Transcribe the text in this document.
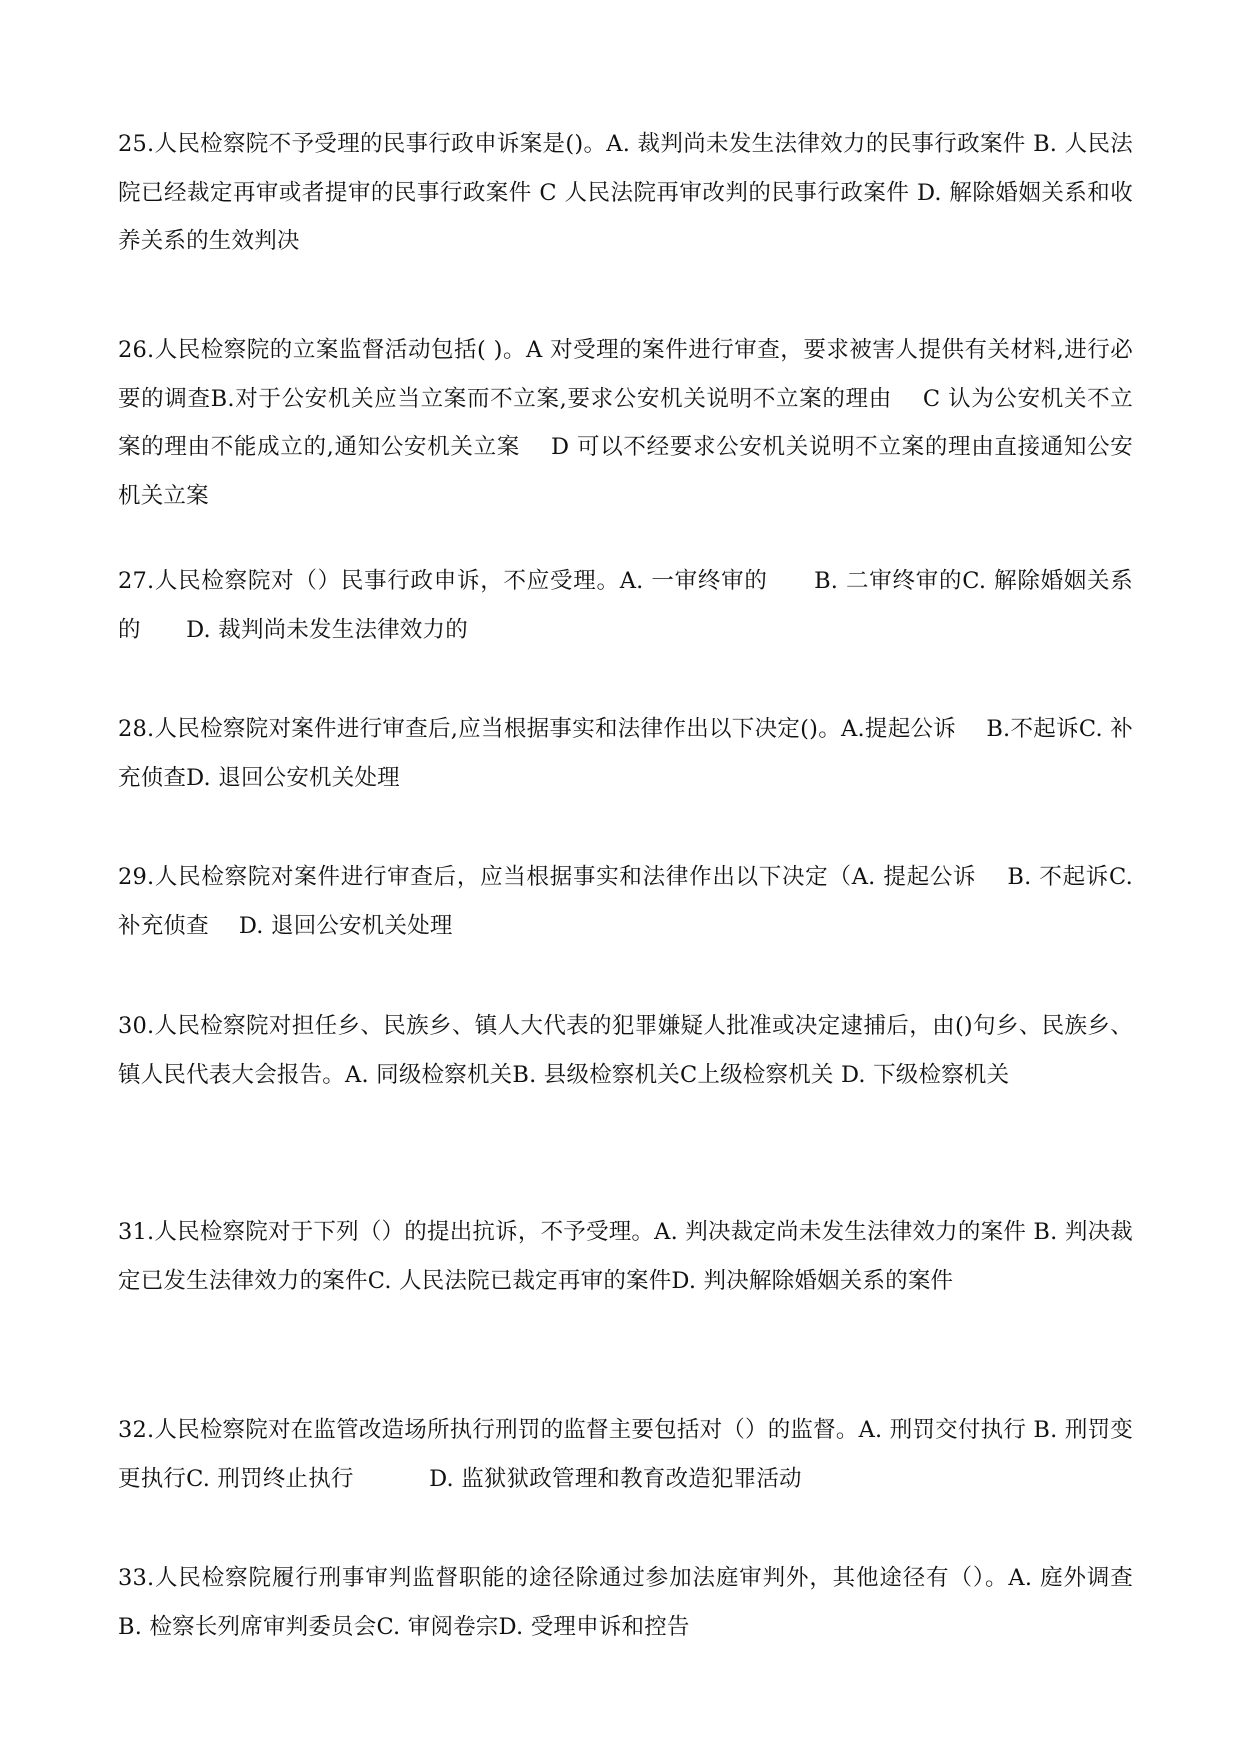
25.人民检察院不予受理的民事行政申诉案是()。A. 裁判尚未发生法律效力的民事行政案件 B. 人民法院已经裁定再审或者提审的民事行政案件 C 人民法院再审改判的民事行政案件 D. 解除婚姻关系和收养关系的生效判决

26.人民检察院的立案监督活动包括( )。A 对受理的案件进行审查，要求被害人提供有关材料,进行必要的调查B.对于公安机关应当立案而不立案,要求公安机关说明不立案的理由　 C 认为公安机关不立案的理由不能成立的,通知公安机关立案　 D 可以不经要求公安机关说明不立案的理由直接通知公安机关立案

27.人民检察院对（）民事行政申诉，不应受理。A. 一审终审的　　B. 二审终审的C. 解除婚姻关系的　　D. 裁判尚未发生法律效力的

28.人民检察院对案件进行审查后,应当根据事实和法律作出以下决定()。A.提起公诉　 B.不起诉C. 补充侦查D. 退回公安机关处理

29.人民检察院对案件进行审查后，应当根据事实和法律作出以下决定（A. 提起公诉　 B. 不起诉C. 补充侦查　 D. 退回公安机关处理

30.人民检察院对担任乡、民族乡、镇人大代表的犯罪嫌疑人批准或决定逮捕后，由()句乡、民族乡、镇人民代表大会报告。A. 同级检察机关B. 县级检察机关C上级检察机关 D. 下级检察机关

31.人民检察院对于下列（）的提出抗诉，不予受理。A. 判决裁定尚未发生法律效力的案件 B. 判决裁定已发生法律效力的案件C. 人民法院已裁定再审的案件D. 判决解除婚姻关系的案件

32.人民检察院对在监管改造场所执行刑罚的监督主要包括对（）的监督。A. 刑罚交付执行 B. 刑罚变更执行C. 刑罚终止执行　　　 D. 监狱狱政管理和教育改造犯罪活动

33.人民检察院履行刑事审判监督职能的途径除通过参加法庭审判外，其他途径有（）。A. 庭外调查　B. 检察长列席审判委员会C. 审阅卷宗D. 受理申诉和控告
